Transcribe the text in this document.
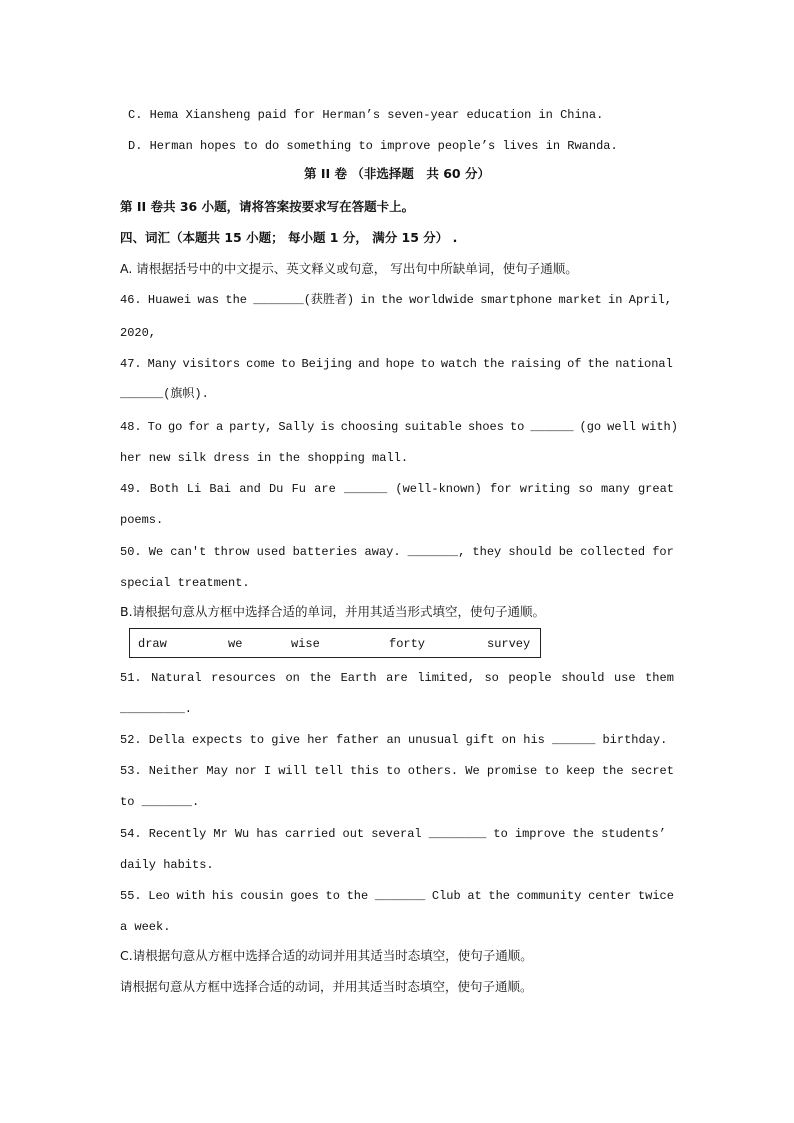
C. Hema Xiansheng paid for Herman’s seven-year education in China.
D. Herman hopes to do something to improve people’s lives in Rwanda.
第 II 卷 （非选择题　共 60 分）
第 II 卷共 36 小题，请将答案按要求写在答题卡上。
四、词汇（本题共 15 小题； 每小题 1 分， 满分 15 分） .
A. 请根据括号中的中文提示、英文释义或句意， 写出句中所缺单词，使句子通顺。
46. Huawei was the _______(获胜者) in the worldwide smartphone market in April,
2020,
47. Many visitors come to Beijing and hope to watch the raising of the national
______(旗帜).
48. To go for a party, Sally is choosing suitable shoes to ______ (go well with)
her new silk dress in the shopping mall.
49. Both Li Bai and Du Fu are ______ (well-known) for writing so many great
poems.
50. We can't throw used batteries away. _______, they should be collected for
special treatment.
B.请根据句意从方框中选择合适的单词，并用其适当形式填空，使句子通顺。
draw	we	wise	forty	survey
51. Natural resources on the Earth are limited, so people should use them
_________.
52. Della expects to give her father an unusual gift on his ______ birthday.
53. Neither May nor I will tell this to others. We promise to keep the secret
to _______.
54. Recently Mr Wu has carried out several ________ to improve the students’
daily habits.
55. Leo with his cousin goes to the _______ Club at the community center twice
a week.
C.请根据句意从方框中选择合适的动词并用其适当时态填空，使句子通顺。
请根据句意从方框中选择合适的动词，并用其适当时态填空，使句子通顺。
